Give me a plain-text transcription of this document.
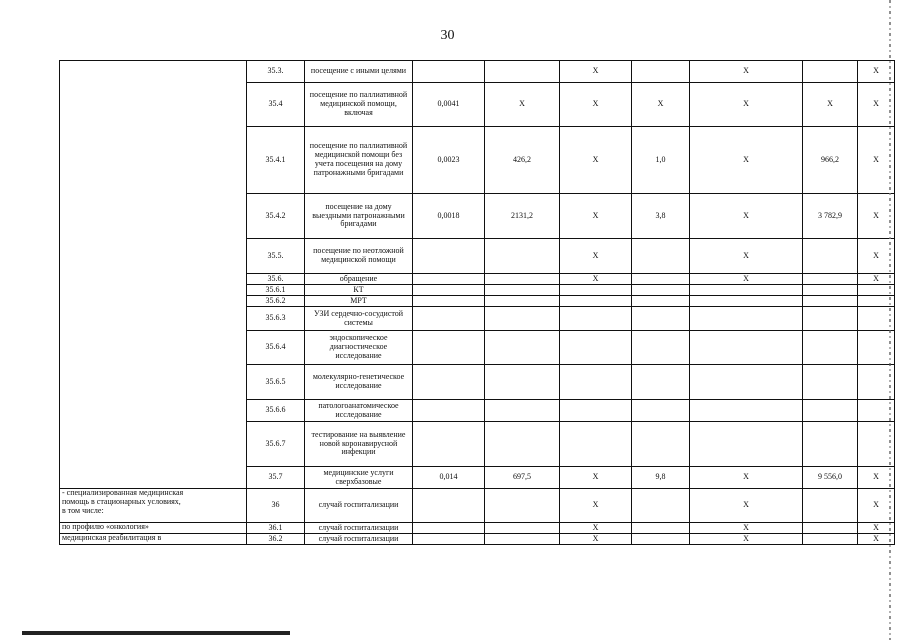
30
	35.3.	посещение с иными целями			X		X		X
	35.4	посещение по паллиативной медицинской помощи, включая	0,0041	X	X	X	X	X	X
	35.4.1	посещение по паллиативной медицинской помощи без учета посещения на дому патронажными бригадами	0,0023	426,2	X	1,0	X	966,2	X
	35.4.2	посещение на дому выездными патронажными бригадами	0,0018	2131,2	X	3,8	X	3 782,9	X
	35.5.	посещение по неотложной медицинской помощи			X		X		X
	35.6.	обращение			X		X		X
	35.6.1	КТ							
	35.6.2	МРТ							
	35.6.3	УЗИ сердечно-сосудистой системы							
	35.6.4	эндоскопическое диагностическое исследование							
	35.6.5	молекулярно-генетическое исследование							
	35.6.6	патологоанатомическое исследование							
	35.6.7	тестирование на выявление новой коронавирусной инфекции							
	35.7	медицинские услуги сверхбазовые	0,014	697,5	X	9,8	X	9 556,0	X

- специализированная медицинская
помощь в стационарных условиях,
в том числе:	36	случай госпитализации			X		X		X

по профилю «онкология»	36.1	случай госпитализации			X		X		X

медицинская реабилитация в	36.2	случай госпитализации			X		X		X
